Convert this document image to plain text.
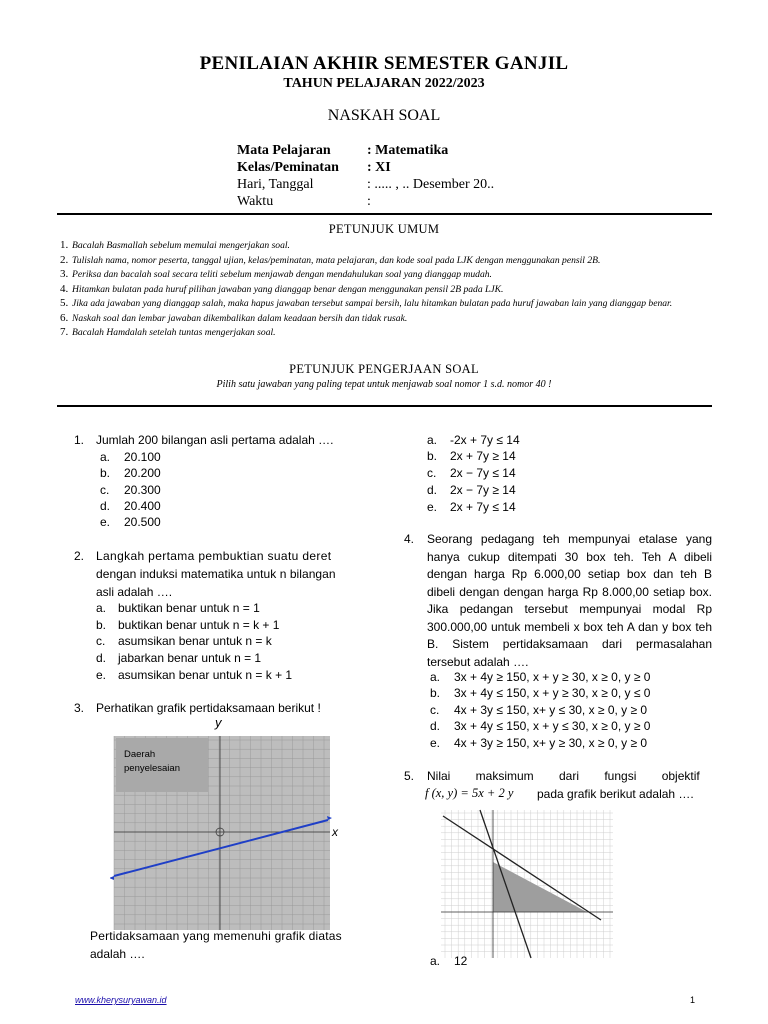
PENILAIAN AKHIR SEMESTER GANJIL
TAHUN PELAJARAN 2022/2023
NASKAH SOAL
Mata Pelajaran	: Matematika
Kelas/Peminatan	: XI
Hari, Tanggal	: ..... , .. Desember 20..
Waktu	:
PETUNJUK UMUM
1. Bacalah Basmallah sebelum memulai mengerjakan soal.
2. Tulislah nama, nomor peserta, tanggal ujian, kelas/peminatan, mata pelajaran, dan kode soal pada LJK dengan menggunakan pensil 2B.
3. Periksa dan bacalah soal secara teliti sebelum menjawab dengan mendahulukan soal yang dianggap mudah.
4. Hitamkan bulatan pada huruf pilihan jawaban yang dianggap benar dengan menggunakan pensil 2B pada LJK.
5. Jika ada jawaban yang dianggap salah, maka hapus jawaban tersebut sampai bersih, lalu hitamkan bulatan pada huruf jawaban lain yang dianggap benar.
6. Naskah soal dan lembar jawaban dikembalikan dalam keadaan bersih dan tidak rusak.
7. Bacalah Hamdalah setelah tuntas mengerjakan soal.
PETUNJUK PENGERJAAN SOAL
Pilih satu jawaban yang paling tepat untuk menjawab soal nomor 1 s.d. nomor 40 !
1. Jumlah 200 bilangan asli pertama adalah ….
a. 20.100
b. 20.200
c. 20.300
d. 20.400
e. 20.500
2. Langkah pertama pembuktian suatu deret
dengan induksi matematika untuk n bilangan
asli adalah ….
a. buktikan benar untuk n = 1
b. buktikan benar untuk n = k + 1
c. asumsikan benar untuk n = k
d. jabarkan benar untuk n = 1
e. asumsikan benar untuk n = k + 1
3. Perhatikan grafik pertidaksamaan berikut !
Daerah
penyelesaian
y
x
Pertidaksamaan yang memenuhi grafik diatas
adalah ….
a. -2x + 7y ≤ 14
b. 2x + 7y ≥ 14
c. 2x − 7y ≤ 14
d. 2x − 7y ≥ 14
e. 2x + 7y ≤ 14
4. Seorang pedagang teh mempunyai etalase yang hanya cukup ditempati 30 box teh. Teh A dibeli dengan harga Rp 6.000,00 setiap box dan teh B dibeli dengan dengan harga Rp 8.000,00 setiap box. Jika pedangan tersebut mempunyai modal Rp 300.000,00 untuk membeli x box teh A dan y box teh B. Sistem pertidaksamaan dari permasalahan tersebut adalah ….
a. 3x + 4y ≥ 150, x + y ≥ 30, x ≥ 0, y ≥ 0
b. 3x + 4y ≤ 150, x + y ≥ 30, x ≥ 0, y ≤ 0
c. 4x + 3y ≤ 150, x+ y ≤ 30, x ≥ 0, y ≥ 0
d. 3x + 4y ≤ 150, x + y ≤ 30, x ≥ 0, y ≥ 0
e. 4x + 3y ≥ 150, x+ y ≥ 30, x ≥ 0, y ≥ 0
5. Nilai maksimum dari fungsi objektif
f (x, y) = 5x + 2 y pada grafik berikut adalah ….
a. 12
www.kherysuryawan.id	1
